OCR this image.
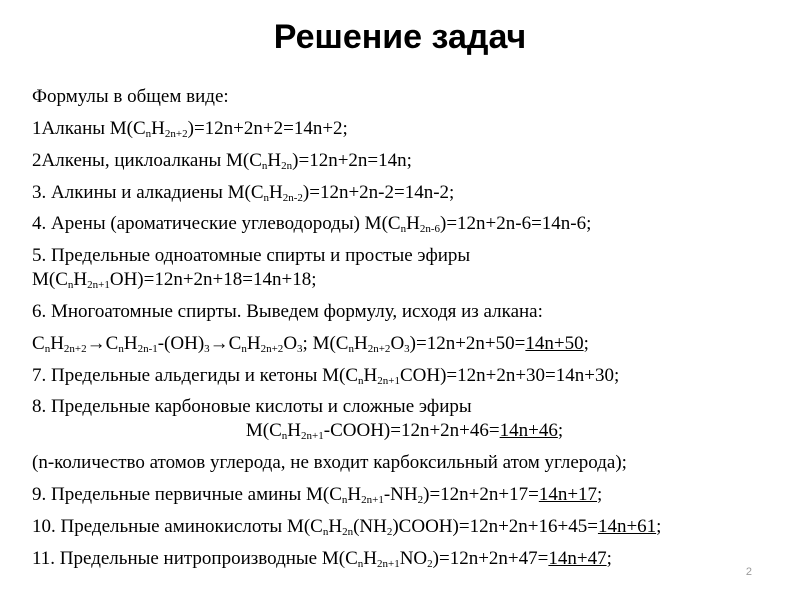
Решение задач
Формулы в общем виде:
1Алканы $M(C_nH_{2n+2})=12n+2n+2=14n+2$;
2Алкены, циклоалканы $M(C_nH_{2n})=12n+2n=14n$;
3. Алкины и алкадиены $M(C_nH_{2n-2})=12n+2n-2=14n-2$;
4. Арены (ароматические углеводороды) $M(C_nH_{2n-6})=12n+2n-6=14n-6$;
5. Предельные одноатомные спирты и простые эфиры
$M(C_nH_{2n+1}OH)=12n+2n+18=14n+18$;
6. Многоатомные спирты. Выведем формулу, исходя из алкана:
$C_nH_{2n+2}\to C_nH_{2n-1}-(OH)_3\to C_nH_{2n+2}O_3$; $M(C_nH_{2n+2}O_3)=12n+2n+50=14n+50$;
7. Предельные альдегиды и кетоны $M(C_nH_{2n+1}COH)=12n+2n+30=14n+30$;
8. Предельные карбоновые кислоты и сложные эфиры
$M(C_nH_{2n+1}-COOH)=12n+2n+46=14n+46$;
(n-количество атомов углерода, не входит карбоксильный атом углерода);
9. Предельные первичные амины $M(C_nH_{2n+1}-NH_2)=12n+2n+17=14n+17$;
10. Предельные аминокислоты $M(C_nH_{2n}(NH_2)COOH)=12n+2n+16+45=14n+61$;
11. Предельные нитропроизводные $M(C_nH_{2n+1}NO_2)=12n+2n+47=14n+47$;
2
